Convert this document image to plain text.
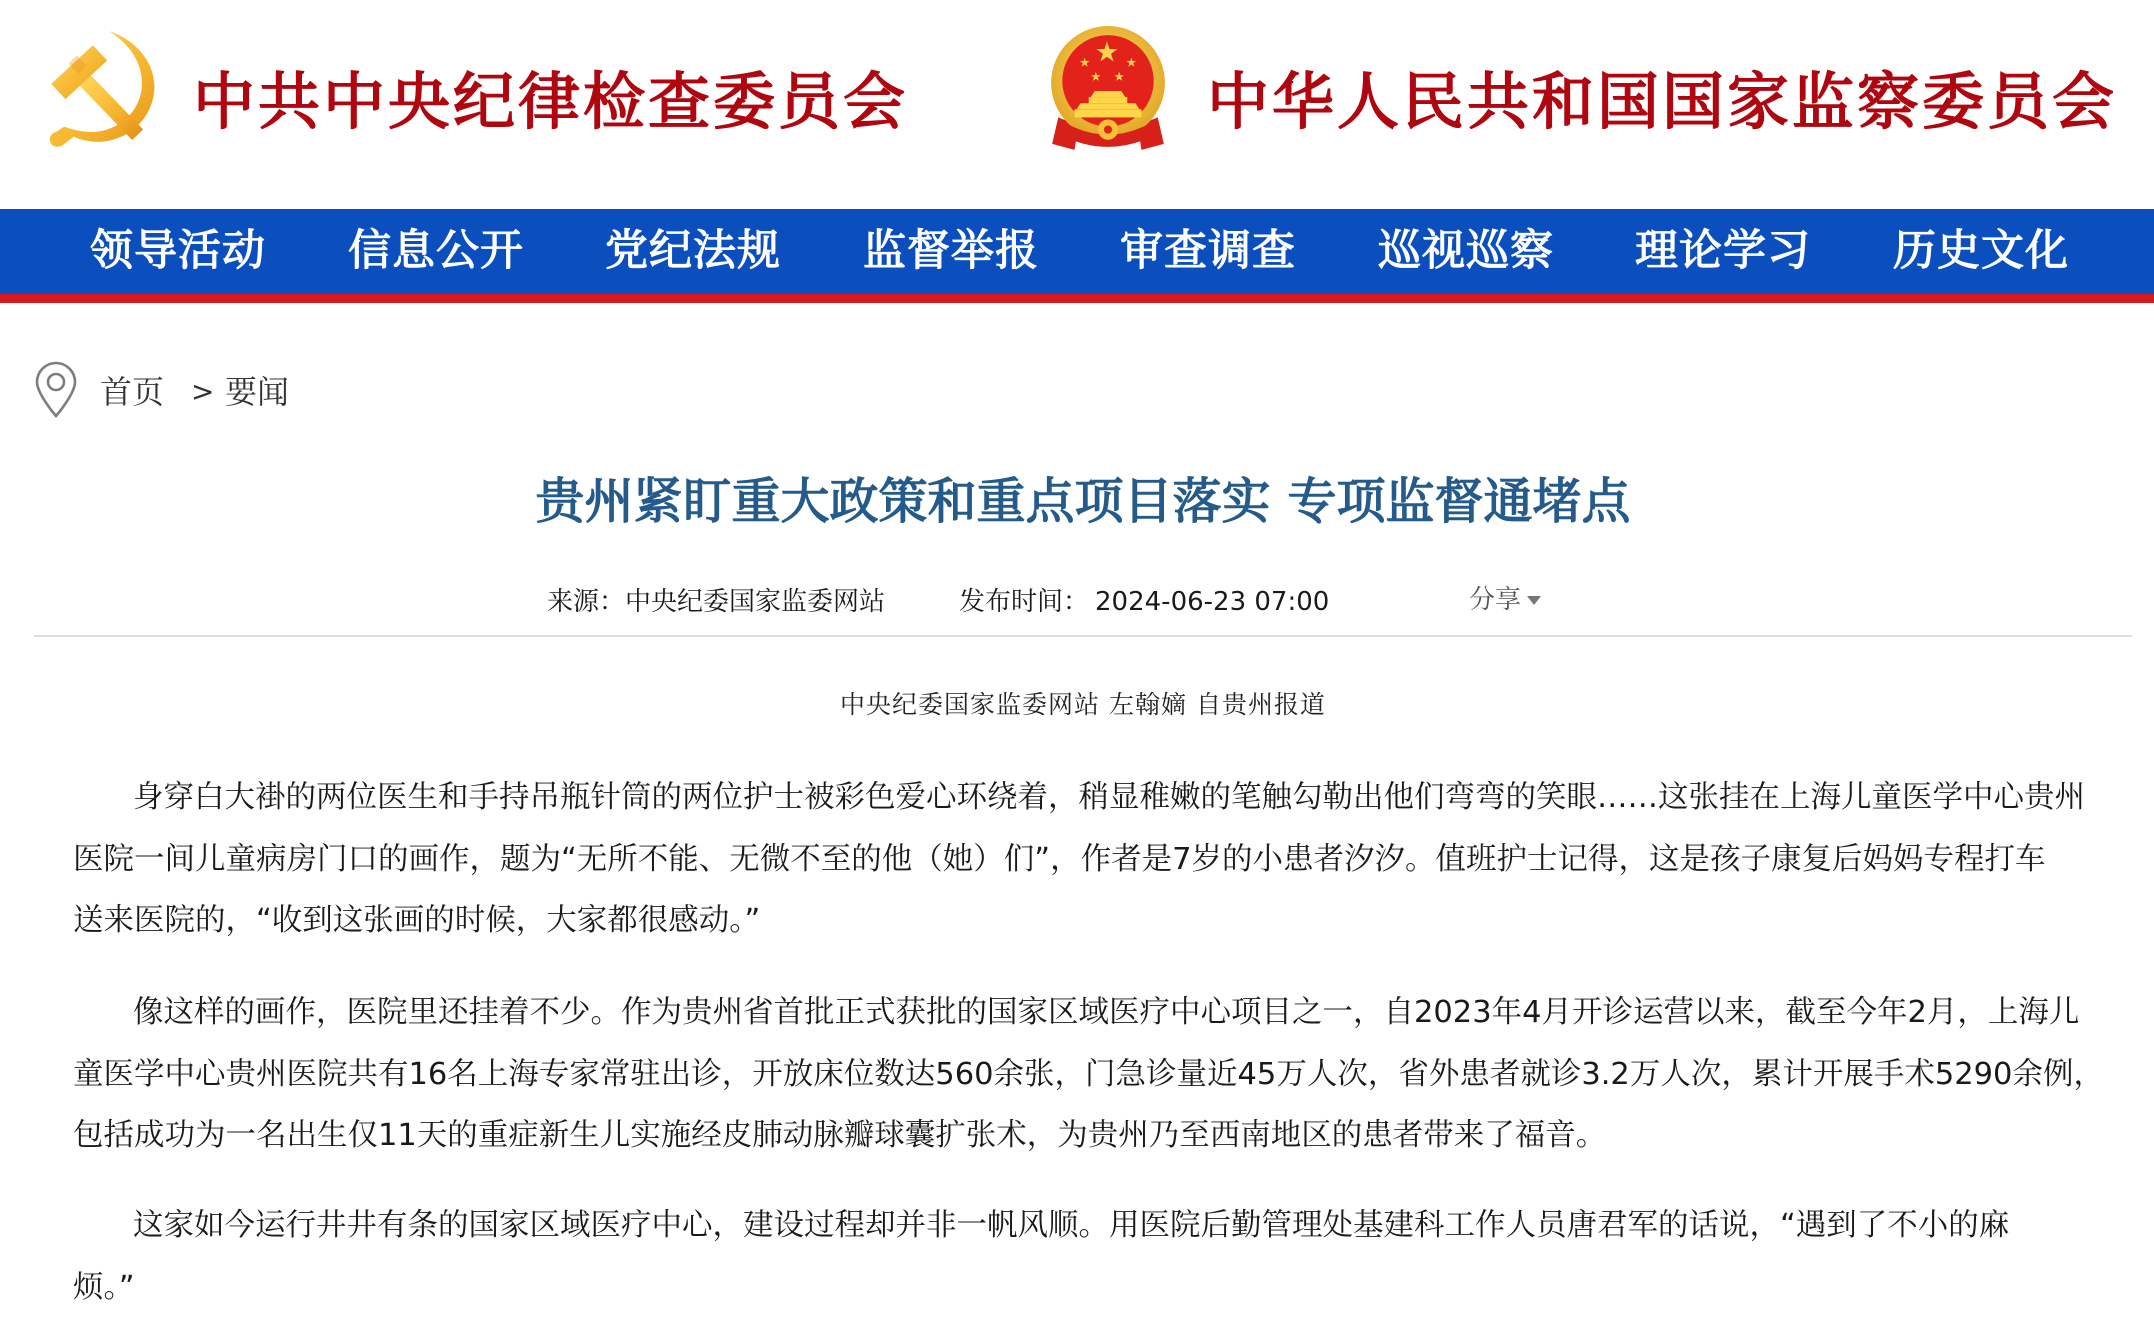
中共中央纪律检查委员会	中华人民共和国国家监察委员会
领导活动	信息公开	党纪法规	监督举报	审查调查	巡视巡察	理论学习	历史文化
首页 > 要闻
贵州紧盯重大政策和重点项目落实 专项监督通堵点
来源：中央纪委国家监委网站	发布时间： 2024-06-23 07:00	分享
中央纪委国家监委网站 左翰嫡 自贵州报道
身穿白大褂的两位医生和手持吊瓶针筒的两位护士被彩色爱心环绕着，稍显稚嫩的笔触勾勒出他们弯弯的笑眼……这张挂在上海儿童医学中心贵州
医院一间儿童病房门口的画作，题为“无所不能、无微不至的他（她）们”，作者是7岁的小患者汐汐。值班护士记得，这是孩子康复后妈妈专程打车
送来医院的，“收到这张画的时候，大家都很感动。”
像这样的画作，医院里还挂着不少。作为贵州省首批正式获批的国家区域医疗中心项目之一，自2023年4月开诊运营以来，截至今年2月，上海儿
童医学中心贵州医院共有16名上海专家常驻出诊，开放床位数达560余张，门急诊量近45万人次，省外患者就诊3.2万人次，累计开展手术5290余例，
包括成功为一名出生仅11天的重症新生儿实施经皮肺动脉瓣球囊扩张术，为贵州乃至西南地区的患者带来了福音。
这家如今运行井井有条的国家区域医疗中心，建设过程却并非一帆风顺。用医院后勤管理处基建科工作人员唐君军的话说，“遇到了不小的麻
烦。”
